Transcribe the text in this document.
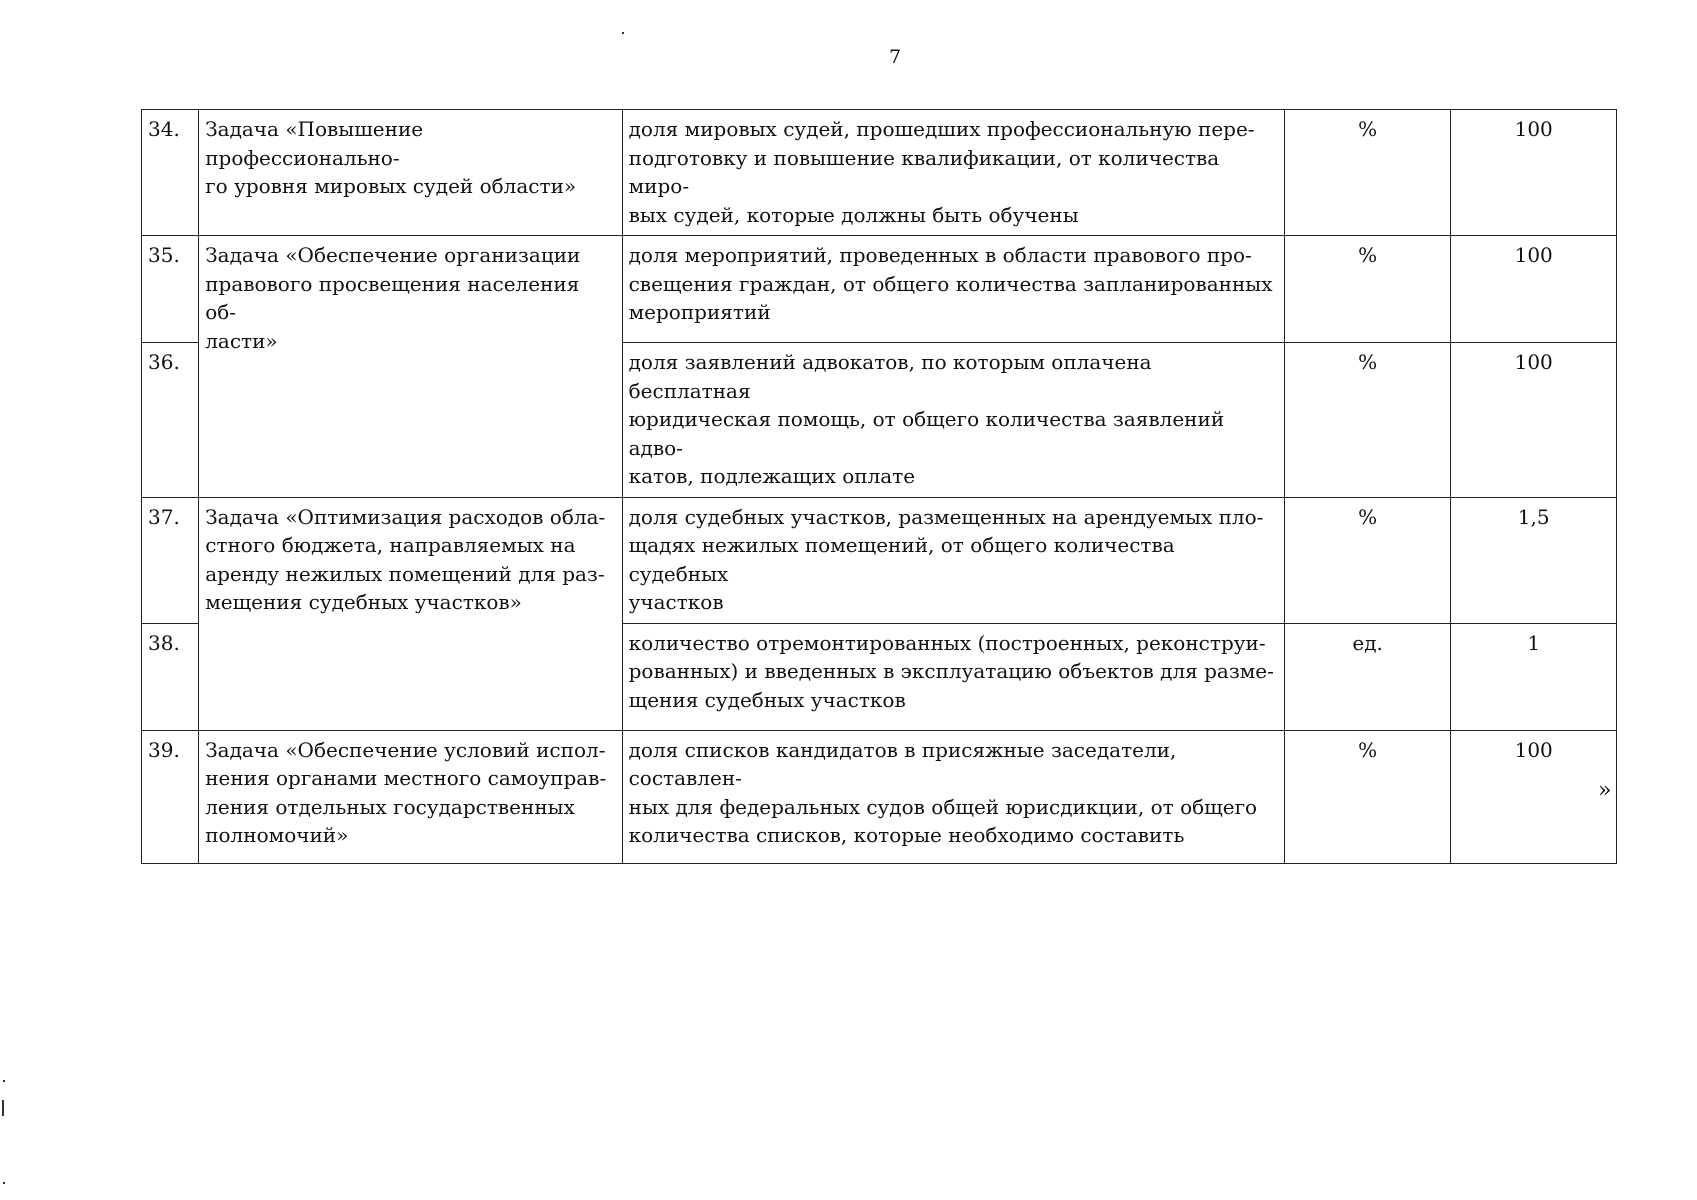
7
34.	Задача «Повышение профессионально-
го уровня мировых судей области»	доля мировых судей, прошедших профессиональную пере-
подготовку и повышение квалификации, от количества миро-
вых судей, которые должны быть обучены	%	100
35.	Задача «Обеспечение организации
правового просвещения населения об-
ласти»	доля мероприятий, проведенных в области правового про-
свещения граждан, от общего количества запланированных
мероприятий	%	100
36.		доля заявлений адвокатов, по которым оплачена бесплатная
юридическая помощь, от общего количества заявлений адво-
катов, подлежащих оплате	%	100
37.	Задача «Оптимизация расходов обла-
стного бюджета, направляемых на
аренду нежилых помещений для раз-
мещения судебных участков»	доля судебных участков, размещенных на арендуемых пло-
щадях нежилых помещений, от общего количества судебных
участков	%	1,5
38.		количество отремонтированных (построенных, реконструи-
рованных) и введенных в эксплуатацию объектов для разме-
щения судебных участков	ед.	1
39.	Задача «Обеспечение условий испол-
нения органами местного самоуправ-
ления отдельных государственных
полномочий»	доля списков кандидатов в присяжные заседатели, составлен-
ных для федеральных судов общей юрисдикции, от общего
количества списков, которые необходимо составить	%	100
»
